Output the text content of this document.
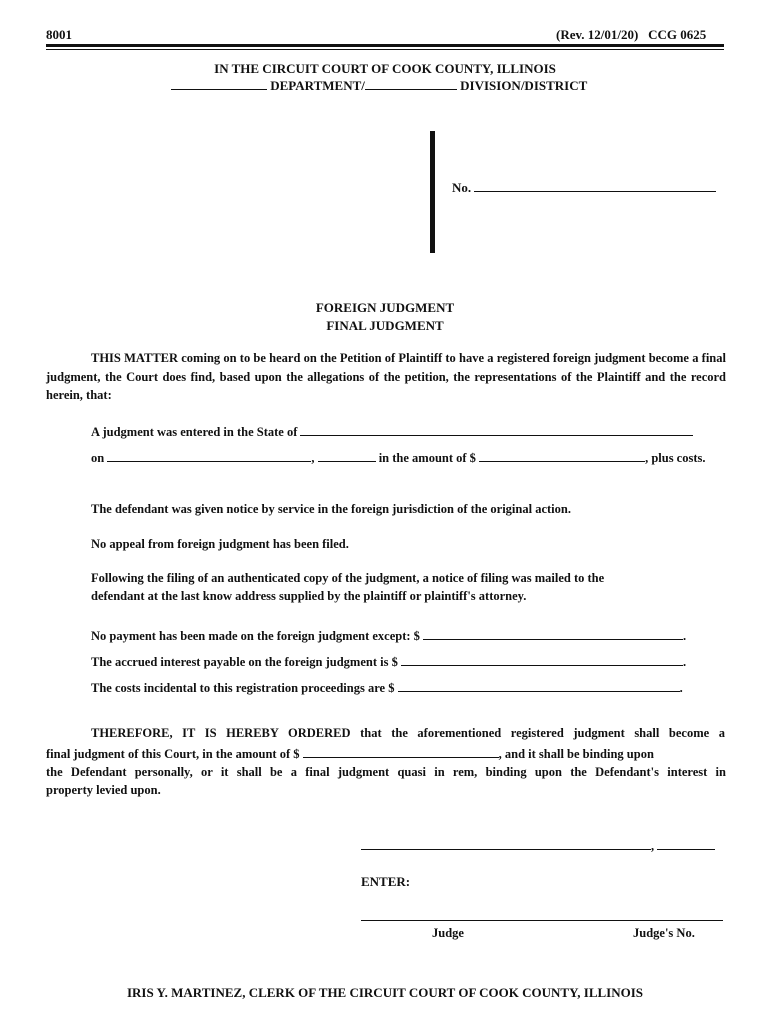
8001	(Rev. 12/01/20)   CCG 0625
IN THE CIRCUIT COURT OF COOK COUNTY, ILLINOIS
DEPARTMENT/	DIVISION/DISTRICT
No.
FOREIGN JUDGMENT
FINAL JUDGMENT
THIS MATTER coming on to be heard on the Petition of Plaintiff to have a registered foreign judgment become a final judgment, the Court does find, based upon the allegations of the petition, the representations of the Plaintiff and the record herein, that:
A judgment was entered in the State of
on	,	in the amount of $	, plus costs.
The defendant was given notice by service in the foreign jurisdiction of the original action.
No appeal from foreign judgment has been filed.
Following the filing of an authenticated copy of the judgment, a notice of filing was mailed to the
defendant at the last know address supplied by the plaintiff or plaintiff's attorney.
No payment has been made on the foreign judgment except: $	.
The accrued interest payable on the foreign judgment is $	.
The costs incidental to this registration proceedings are $	.
THEREFORE, IT IS HEREBY ORDERED that the aforementioned registered judgment shall become a
final judgment of this Court, in the amount of $	, and it shall be binding upon
the Defendant personally, or it shall be a final judgment quasi in rem, binding upon the Defendant's interest in
property levied upon.
,
ENTER:
Judge	Judge's No.
IRIS Y. MARTINEZ, CLERK OF THE CIRCUIT COURT OF COOK COUNTY, ILLINOIS
